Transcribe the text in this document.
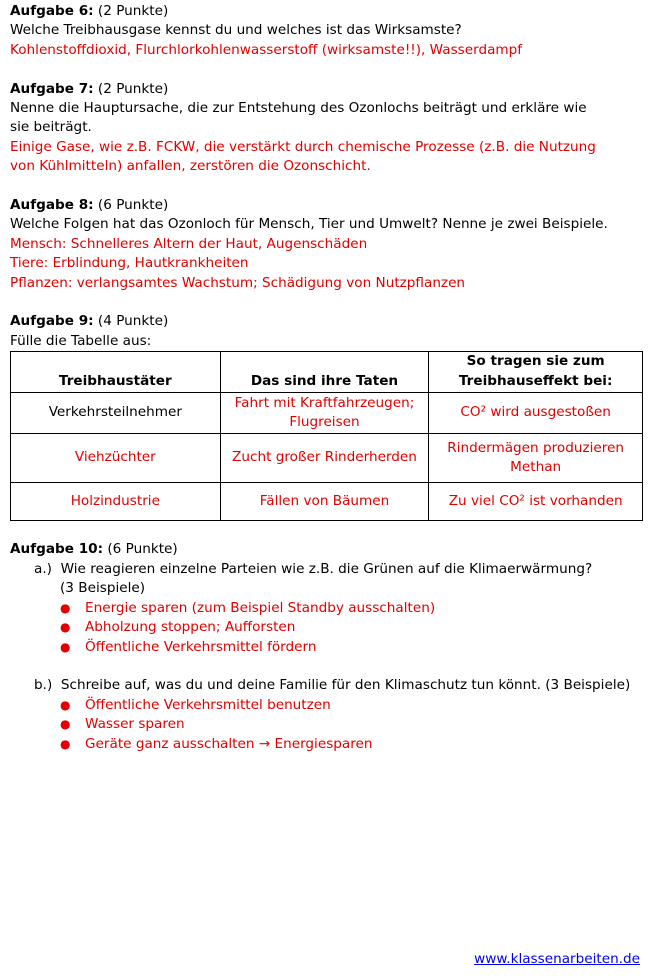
Aufgabe 6: (2 Punkte)
Welche Treibhausgase kennst du und welches ist das Wirksamste?
Kohlenstoffdioxid, Flurchlorkohlenwasserstoff (wirksamste!!), Wasserdampf
Aufgabe 7: (2 Punkte)
Nenne die Hauptursache, die zur Entstehung des Ozonlochs beiträgt und erkläre wie sie beiträgt.
Einige Gase, wie z.B. FCKW, die verstärkt durch chemische Prozesse (z.B. die Nutzung von Kühlmitteln) anfallen, zerstören die Ozonschicht.
Aufgabe 8: (6 Punkte)
Welche Folgen hat das Ozonloch für Mensch, Tier und Umwelt? Nenne je zwei Beispiele.
Mensch: Schnelleres Altern der Haut, Augenschäden
Tiere: Erblindung, Hautkrankheiten
Pflanzen: verlangsamtes Wachstum; Schädigung von Nutzpflanzen
Aufgabe 9: (4 Punkte)
Fülle die Tabelle aus:
Treibhaustäter	Das sind ihre Taten	So tragen sie zum Treibhauseffekt bei:
Verkehrsteilnehmer	Fahrt mit Kraftfahrzeugen; Flugreisen	CO² wird ausgestoßen
Viehzüchter	Zucht großer Rinderherden	Rindermägen produzieren Methan
Holzindustrie	Fällen von Bäumen	Zu viel CO² ist vorhanden
Aufgabe 10: (6 Punkte)
a.) Wie reagieren einzelne Parteien wie z.B. die Grünen auf die Klimaerwärmung?
(3 Beispiele)
● Energie sparen (zum Beispiel Standby ausschalten)
● Abholzung stoppen; Aufforsten
● Öffentliche Verkehrsmittel fördern
b.) Schreibe auf, was du und deine Familie für den Klimaschutz tun könnt. (3 Beispiele)
● Öffentliche Verkehrsmittel benutzen
● Wasser sparen
● Geräte ganz ausschalten → Energiesparen
www.klassenarbeiten.de
